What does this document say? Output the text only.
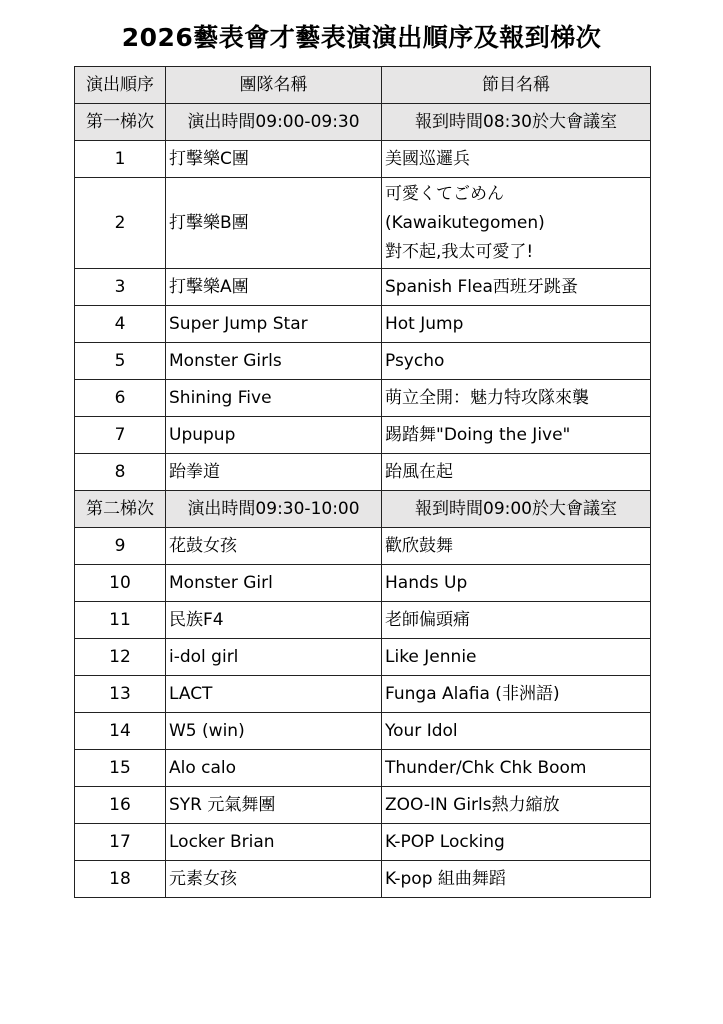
2026藝表會才藝表演演出順序及報到梯次
演出順序	團隊名稱	節目名稱
第一梯次	演出時間09:00-09:30	報到時間08:30於大會議室
1	打擊樂C團	美國巡邏兵
2	打擊樂B團	可愛くてごめん
(Kawaikutegomen)
對不起,我太可愛了!

3	打擊樂A團	Spanish Flea西班牙跳蚤
4	Super Jump Star	Hot Jump
5	Monster Girls	Psycho
6	Shining Five	萌立全開：魅力特攻隊來襲
7	Upupup	踢踏舞"Doing the Jive"
8	跆拳道	跆風在起
第二梯次	演出時間09:30-10:00	報到時間09:00於大會議室
9	花鼓女孩	歡欣鼓舞
10	Monster Girl	Hands Up
11	民族F4	老師偏頭痛
12	i-dol girl	Like Jennie
13	LACT	Funga Alafia (非洲語)
14	W5 (win)	Your Idol
15	Alo calo	Thunder/Chk Chk Boom
16	SYR 元氣舞團	ZOO-IN Girls熱力縮放
17	Locker Brian	K-POP Locking
18	元素女孩	K-pop 組曲舞蹈
